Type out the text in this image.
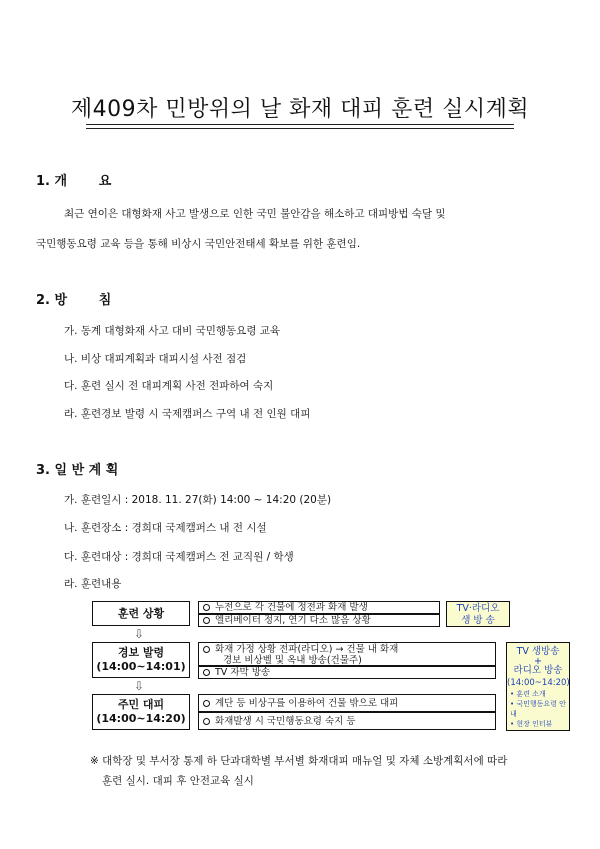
제409차 민방위의 날 화재 대피 훈련 실시계획
1. 개       요
최근 연이은 대형화재 사고 발생으로 인한 국민 불안감을 해소하고 대피방법 숙달 및
국민행동요령 교육 등을 통해 비상시 국민안전태세 확보를 위한 훈련임.
2. 방       침
가. 동계 대형화재 사고 대비 국민행동요령 교육
나. 비상 대피계획과 대피시설 사전 점검
다. 훈련 실시 전 대피계획 사전 전파하여 숙지
라. 훈련경보 발령 시 국제캠퍼스 구역 내 전 인원 대피
3. 일 반 계 획
가. 훈련일시 : 2018. 11. 27(화) 14:00 ~ 14:20 (20분)
나. 훈련장소 : 경희대 국제캠퍼스 내 전 시설
다. 훈련대상 : 경희대 국제캠퍼스 전 교직원 / 학생
라. 훈련내용
훈련 상황	누전으로 각 건물에 정전과 화재 발생
엘리베이터 정지, 연기 다소 많음 상황
⇩
경보 발령
(14:00~14:01)
화재 가정 상황 전파(라디오) → 건물 내 화재
경보 비상벨 및 옥내 방송(건물주)
TV 자막 방송
⇩
주민 대피
(14:00~14:20)
계단 등 비상구를 이용하여 건물 밖으로 대피
화재발생 시 국민행동요령 숙지 등
TV·라디오
생 방 송
TV 생방송
+
라디오 방송
(14:00~14:20)
• 훈련 소개
• 국민행동요령 안내
• 현장 인터뷰
※ 대학장 및 부서장 통제 하 단과대학별 부서별 화재대피 매뉴얼 및 자체 소방계획서에 따라
훈련 실시. 대피 후 안전교육 실시
